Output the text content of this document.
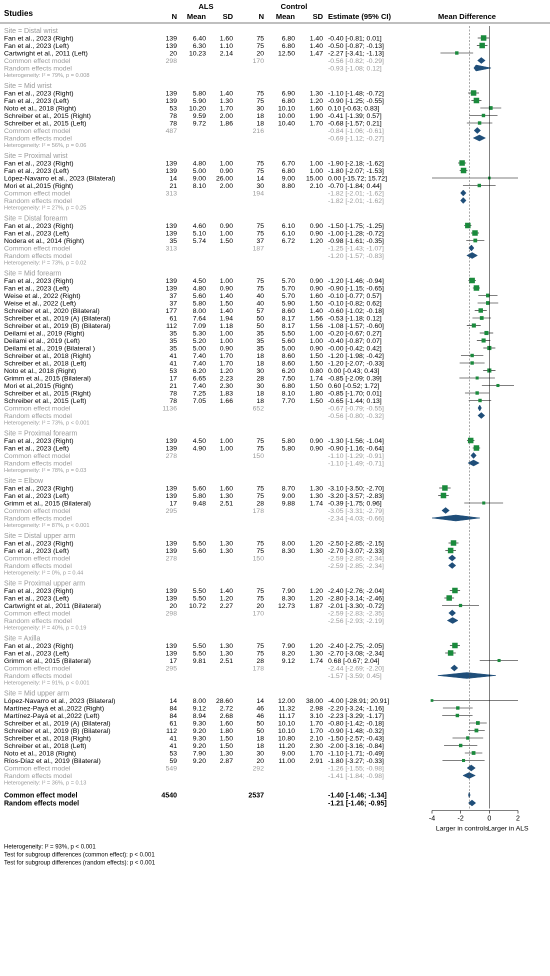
Studies
ALS	Control
N Mean SD	N Mean SD Estimate (95% CI)	Mean Difference
Site = Distal wrist
Fan et al., 2023 (Right)	139 6.40 1.60	75	6.80 1.40 -0.40 [-0.81; 0.01]
Fan et al., 2023 (Left)	139 6.30 1.10	75	6.80 1.40 -0.50 [-0.87; -0.13]
Cartwright et al., 2011 (Left)	20 10.23 2.14	20 12.50 1.47 -2.27 [-3.41; -1.13]
Common effect model	298	170	-0.56 [-0.82; -0.29]
Random effects model	-0.93 [-1.08; 0.12]
Heterogeneity: I² = 79%, p = 0.008
Site = Mid wrist
Fan et al., 2023 (Right)	139 5.80 1.40	75	6.90 1.30 -1.10 [-1.48; -0.72]
Fan et al., 2023 (Left)	139 5.90 1.30	75	6.80 1.20 -0.90 [-1.25; -0.55]
Noto et al., 2018 (Right)	53 10.20 1.70	30 10.10 1.60 0.10 [-0.63; 0.83]
Schreiber et al., 2015 (Right)	78 9.59 2.00	18 10.00 1.90 -0.41 [-1.39; 0.57]
Schreiber et al., 2015 (Left)	78 9.72 1.86	18 10.40 1.70 -0.68 [-1.57; 0.21]
Common effect model	487	216	-0.84 [-1.06; -0.61]
Random effects model	-0.69 [-1.12; -0.27]
Heterogeneity: I² = 56%, p = 0.06
Site = Proximal wrist
Fan et al., 2023 (Right)	139 4.80 1.00	75	6.70 1.00 -1.90 [-2.18; -1.62]
Fan et al., 2023 (Left)	139 5.00 0.90	75	6.80 1.00 -1.80 [-2.07; -1.53]
López-Navarro et al., 2023 (Bilateral)	14 9.00 26.00	14	9.00 15.00 0.00 [-15.72; 15.72]
Mori et al.,2015 (Right)	21 8.10 2.00	30	8.80 2.10 -0.70 [-1.84; 0.44]
Common effect model	313	194	-1.82 [-2.01; -1.62]
Random effects model	-1.82 [-2.01; -1.62]
Heterogeneity: I² = 27%, p = 0.25
Site = Distal forearm
Fan et al., 2023 (Right)	139 4.60 0.90	75	6.10 0.90 -1.50 [-1.75; -1.25]
Fan et al., 2023 (Left)	139 5.10 1.00	75	6.10 0.90 -1.00 [-1.28; -0.72]
Nodera et al., 2014 (Right)	35 5.74 1.50	37	6.72 1.20 -0.98 [-1.61; -0.35]
Common effect model	313	187	-1.25 [-1.43; -1.07]
Random effects model	-1.20 [-1.57; -0.83]
Heterogeneity: I² = 73%, p = 0.02
Site = Mid forearm
Fan et al., 2023 (Right)	139 4.50 1.00	75	5.70 0.90 -1.20 [-1.46; -0.94]
Fan et al., 2023 (Left)	139 4.80 0.90	75	5.70 0.90 -0.90 [-1.15; -0.65]
Weise et al., 2022 (Right)	37 5.60 1.40	40	5.70 1.60 -0.10 [-0.77; 0.57]
Weise et al., 2022 (Left)	37 5.80 1.50	40	5.90 1.50 -0.10 [-0.82; 0.62]
Schreiber et al., 2020 (Bilateral)	177 8.00 1.40	57	8.60 1.40 -0.60 [-1.02; -0.18]
Schreiber et al., 2019 (A) (Bilateral)	61 7.64 1.94	50	8.17 1.56 -0.53 [-1.18; 0.12]
Schreiber et al., 2019 (B) (Bilateral)	112 7.09 1.18	50	8.17 1.56 -1.08 [-1.57; -0.60]
Deilami et al., 2019 (Right)	35 5.30 1.00	35	5.50 1.00 -0.20 [-0.67; 0.27]
Deilami et al., 2019 (Left)	35 5.20 1.00	35	5.60 1.00 -0.40 [-0.87; 0.07]
Deilami et al., 2019 (Bilateral )	35 5.00 0.90	35	5.00 0.90 -0.00 [-0.42; 0.42]
Schreiber et al., 2018 (Right)	41 7.40 1.70	18	8.60 1.50 -1.20 [-1.98; -0.42]
Schreiber et al., 2018 (Left)	41 7.40 1.70	18	8.60 1.50 -1.20 [-2.07; -0.33]
Noto et al., 2018 (Right)	53 6.20 1.20	30	6.20 0.80 0.00 [-0.43; 0.43]
Grimm et al., 2015 (Bilateral)	17 6.65 2.23	28	7.50 1.74 -0.85 [-2.09; 0.39]
Mori et al.,2015 (Right)	21 7.40 2.30	30	6.80 1.50 0.60 [-0.52; 1.72]
Schreiber et al., 2015 (Right)	78 7.25 1.83	18	8.10 1.80 -0.85 [-1.70; 0.01]
Schreiber et al., 2015 (Left)	78 7.05 1.66	18	7.70 1.50 -0.65 [-1.44; 0.13]
Common effect model	1136	652	-0.67 [-0.79; -0.55]
Random effects model	-0.56 [-0.80; -0.32]
Heterogeneity: I² = 73%, p < 0.001
Site = Proximal forearm
Fan et al., 2023 (Right)	139 4.50 1.00	75	5.80 0.90 -1.30 [-1.56; -1.04]
Fan et al., 2023 (Left)	139 4.90 1.00	75	5.80 0.90 -0.90 [-1.16; -0.64]
Common effect model	278	150	-1.10 [-1.29; -0.91]
Random effects model	-1.10 [-1.49; -0.71]
Heterogeneity: I² = 78%, p = 0.03
Site = Elbow
Fan et al., 2023 (Right)	139 5.60 1.60	75	8.70 1.30 -3.10 [-3.50; -2.70]
Fan et al., 2023 (Left)	139 5.80 1.30	75	9.00 1.30 -3.20 [-3.57; -2.83]
Grimm et al., 2015 (Bilateral)	17 9.48 2.51	28	9.88 1.74 -0.39 [-1.75; 0.96]
Common effect model	295	178	-3.05 [-3.31; -2.79]
Random effects model	-2.34 [-4.03; -0.66]
Heterogeneity: I² = 87%, p < 0.001
Site = Distal upper arm
Fan et al., 2023 (Right)	139 5.50 1.30	75	8.00 1.20 -2.50 [-2.85; -2.15]
Fan et al., 2023 (Left)	139 5.60 1.30	75	8.30 1.30 -2.70 [-3.07; -2.33]
Common effect model	278	150	-2.59 [-2.85; -2.34]
Random effects model	-2.59 [-2.85; -2.34]
Heterogeneity: I² = 0%, p = 0.44
Site = Proximal upper arm
Fan et al., 2023 (Right)	139 5.50 1.40	75	7.90 1.20 -2.40 [-2.76; -2.04]
Fan et al., 2023 (Left)	139 5.50 1.20	75	8.30 1.20 -2.80 [-3.14; -2.46]
Cartwright et al., 2011 (Bilateral)	20 10.72 2.27	20 12.73 1.87 -2.01 [-3.30; -0.72]
Common effect model	298	170	-2.59 [-2.83; -2.35]
Random effects model	-2.56 [-2.93; -2.19]
Heterogeneity: I² = 40%, p = 0.19
Site = Axilla
Fan et al., 2023 (Right)	139 5.50 1.30	75	7.90 1.20 -2.40 [-2.75; -2.05]
Fan et al., 2023 (Left)	139 5.50 1.30	75	8.20 1.30 -2.70 [-3.08; -2.34]
Grimm et al., 2015 (Bilateral)	17 9.81 2.51	28	9.12 1.74 0.68 [-0.67; 2.04]
Common effect model	295	178	-2.44 [-2.69; -2.20]
Random effects model	-1.57 [-3.59; 0.45]
Heterogeneity: I² = 91%, p < 0.001
Site = Mid upper arm
López-Navarro et al., 2023 (Bilateral)	14 8.00 28.60	14 12.00 38.00 -4.00 [-28.91; 20.91]
Martínez-Payá et al.,2022 (Right)	84 9.12 2.72	46 11.32 2.98 -2.20 [-3.24; -1.16]
Martínez-Payá et al.,2022 (Left)	84 8.94 2.68	46 11.17 3.10 -2.23 [-3.29; -1.17]
Schreiber et al., 2019 (A) (Bilateral)	61 9.30 1.60	50 10.10 1.70 -0.80 [-1.42; -0.18]
Schreiber et al., 2019 (B) (Bilateral)	112 9.20 1.80	50 10.10 1.70 -0.90 [-1.48; -0.32]
Schreiber et al., 2018 (Right)	41 9.30 1.50	18 10.80 2.10 -1.50 [-2.57; -0.43]
Schreiber et al., 2018 (Left)	41 9.20 1.50	18 11.20 2.30 -2.00 [-3.16; -0.84]
Noto et al., 2018 (Right)	53 7.90 1.30	30	9.00 1.70 -1.10 [-1.71; -0.49]
Ríos-Díaz et al., 2019 (Bilateral)	59 9.20 2.87	20 11.00 2.91 -1.80 [-3.27; -0.33]
Common effect model	549	292	-1.26 [-1.55; -0.98]
Random effects model	-1.41 [-1.84; -0.98]
Heterogeneity: I² = 36%, p = 0.13
Common effect model	4540	2537	-1.40 [-1.46; -1.34]
Random effects model	-1.21 [-1.46; -0.95]
-4	-2	0	2
Larger in controls Larger in ALS
Heterogeneity: I² = 93%, p < 0.001
Test for subgroup differences (common effect): p < 0.001
Test for subgroup differences (random effects): p < 0.001
